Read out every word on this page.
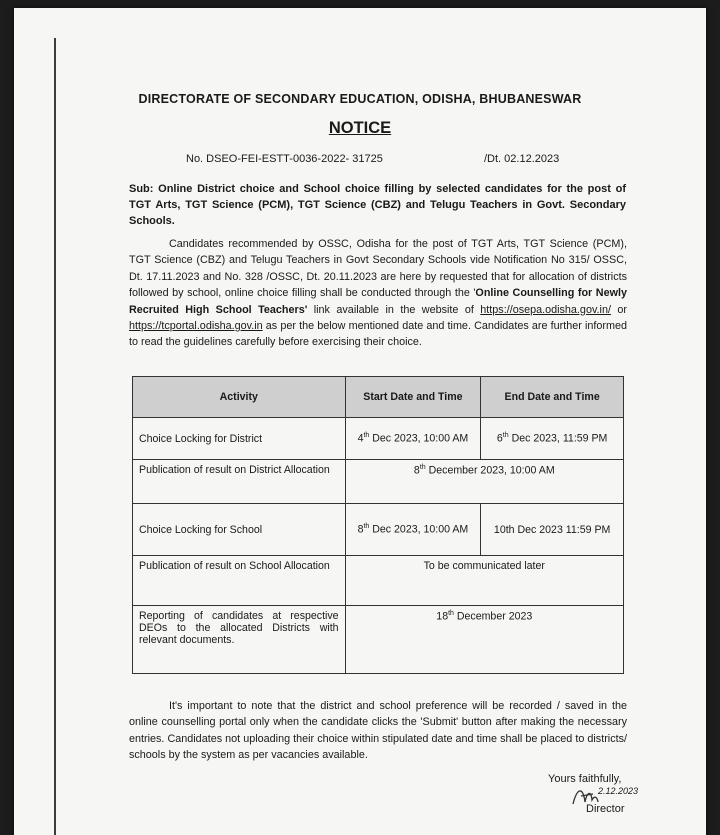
DIRECTORATE OF SECONDARY EDUCATION, ODISHA, BHUBANESWAR
NOTICE
No. DSEO-FEI-ESTT-0036-2022- 31725	/Dt. 02.12.2023
Sub: Online District choice and School choice filling by selected candidates for the post of TGT Arts, TGT Science (PCM), TGT Science (CBZ) and Telugu Teachers in Govt. Secondary Schools.
Candidates recommended by OSSC, Odisha for the post of TGT Arts, TGT Science (PCM), TGT Science (CBZ) and Telugu Teachers in Govt Secondary Schools vide Notification No 315/ OSSC, Dt. 17.11.2023 and No. 328 /OSSC, Dt. 20.11.2023 are here by requested that for allocation of districts followed by school, online choice filling shall be conducted through the 'Online Counselling for Newly Recruited High School Teachers' link available in the website of https://osepa.odisha.gov.in/ or https://tcportal.odisha.gov.in as per the below mentioned date and time. Candidates are further informed to read the guidelines carefully before exercising their choice.
Activity	Start Date and Time	End Date and Time
Choice Locking for District	4th Dec 2023, 10:00 AM	6th Dec 2023, 11:59 PM
Publication of result on District Allocation	8th December 2023, 10:00 AM	
Choice Locking for School	8th Dec 2023, 10:00 AM	10th Dec 2023 11:59 PM
Publication of result on School Allocation	To be communicated later	
Reporting of candidates at respective DEOs to the allocated Districts with relevant documents.	18th December 2023	
It's important to note that the district and school preference will be recorded / saved in the online counselling portal only when the candidate clicks the 'Submit' button after making the necessary entries. Candidates not uploading their choice within stipulated date and time shall be placed to districts/ schools by the system as per vacancies available.
Yours faithfully,
2.12.2023
Director
